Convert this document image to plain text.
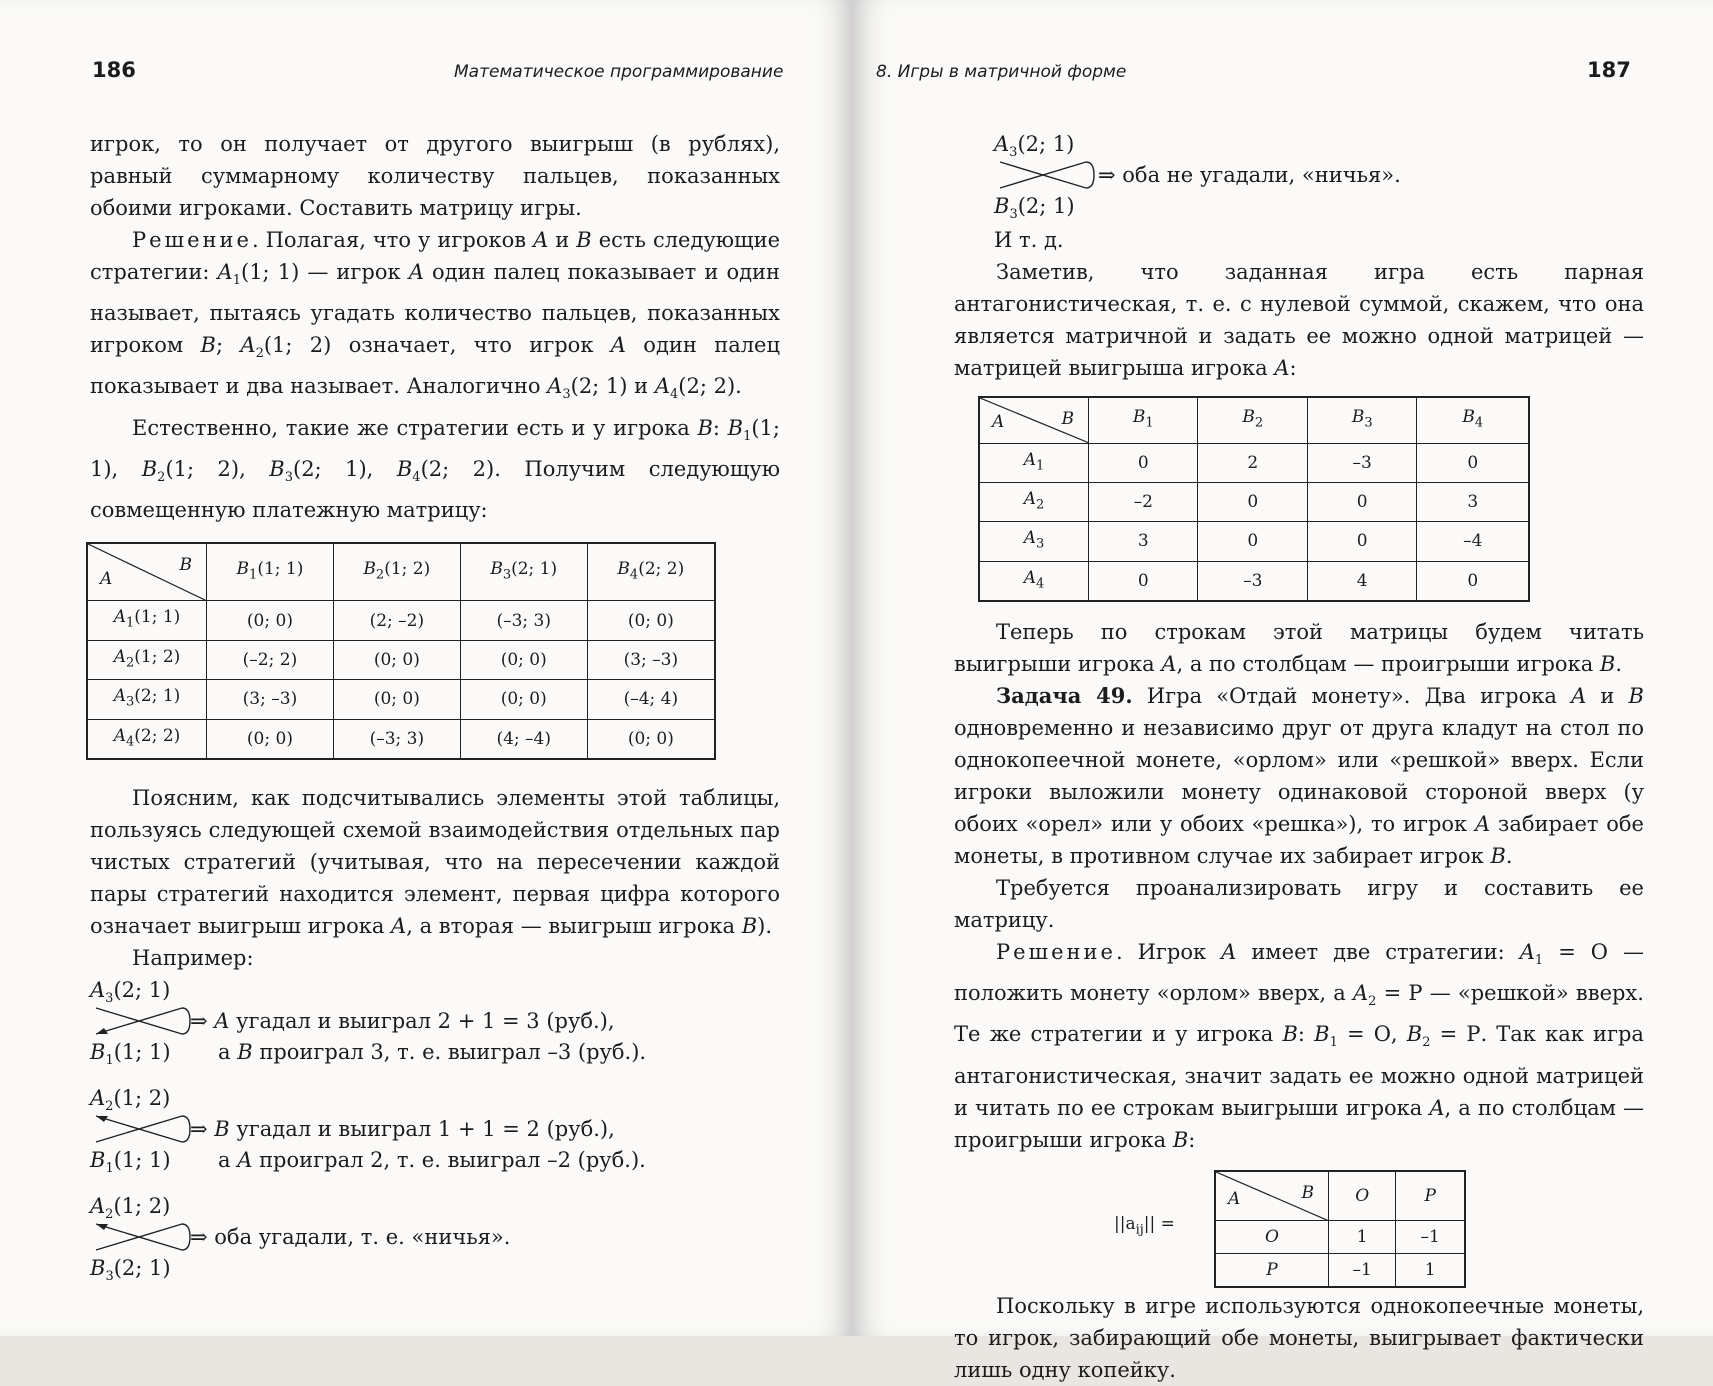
186	Математическое программирование

игрок, то он получает от другого выигрыш (в рублях), равный суммарному количеству пальцев, показанных обоими игроками. Составить матрицу игры.

Решение. Полагая, что у игроков A и B есть следующие стратегии: $A_1(1$; 1) — игрок A один палец показывает и один называет, пытаясь угадать количество пальцев, показанных игроком B; $A_2(1$; 2) означает, что игрок A один палец показывает и два называет. Аналогично $A_3(2$; 1) и $A_4(2$; 2).

Естественно, такие же стратегии есть и у игрока B: $B_1(1$; 1), $B_2(1$; 2), $B_3(2$; 1), $B_4(2$; 2). Получим следующую совмещенную платежную матрицу:

B
A	$B_1(1$; 1)	$B_2(1$; 2)	$B_3(2$; 1)	$B_4(2$; 2)
$A_1(1$; 1)	(0; 0)	(2; –2)	(–3; 3)	(0; 0)
$A_2(1$; 2)	(–2; 2)	(0; 0)	(0; 0)	(3; –3)
$A_3(2$; 1)	(3; –3)	(0; 0)	(0; 0)	(–4; 4)
$A_4(2$; 2)	(0; 0)	(–3; 3)	(4; –4)	(0; 0)

Поясним, как подсчитывались элементы этой таблицы, пользуясь следующей схемой взаимодействия отдельных пар чистых стратегий (учитывая, что на пересечении каждой пары стратегий находится элемент, первая цифра которого означает выигрыш игрока A, а вторая — выигрыш игрока B).

Например:

$A_3(2$; 1)
⇒ A угадал и выиграл 2 + 1 = 3 (руб.),
$B_1(1$; 1) а B проиграл 3, т. е. выиграл –3 (руб.).
$A_2(1$; 2)
⇒ B угадал и выиграл 1 + 1 = 2 (руб.),
$B_1(1$; 1) а A проиграл 2, т. е. выиграл –2 (руб.).
$A_2(1$; 2)
⇒ оба угадали, т. е. «ничья».
$B_3(2$; 1)
8. Игры в матричной форме	187
$A_3(2$; 1)
⇒ оба не угадали, «ничья».
$B_3(2$; 1)

И т. д.

Заметив, что заданная игра есть парная антагонистическая, т. е. с нулевой суммой, скажем, что она является матричной и задать ее можно одной матрицей — матрицей выигрыша игрока A:

B
A	$B_1$	$B_2$	$B_3$	$B_4$
$A_1$	0	2	–3	0
$A_2$	–2	0	0	3
$A_3$	3	0	0	–4
$A_4$	0	–3	4	0

Теперь по строкам этой матрицы будем читать выигрыши игрока A, а по столбцам — проигрыши игрока B.

Задача 49. Игра «Отдай монету». Два игрока A и B одновременно и независимо друг от друга кладут на стол по однокопеечной монете, «орлом» или «решкой» вверх. Если игроки выложили монету одинаковой стороной вверх (у обоих «орел» или у обоих «решка»), то игрок A забирает обе монеты, в противном случае их забирает игрок B.

Требуется проанализировать игру и составить ее матрицу.

Решение. Игрок A имеет две стратегии: $A_1 = О$ — положить монету «орлом» вверх, а $A_2 = Р$ — «решкой» вверх. Те же стратегии и у игрока B: $B_1 = О$, $B_2 = Р$. Так как игра антагонистическая, значит задать ее можно одной матрицей и читать по ее строкам выигрыши игрока A, а по столбцам — проигрыши игрока B:

$||a_{ij}||$ =
B
A	О	Р
О	1	–1
Р	–1	1

Поскольку в игре используются однокопеечные монеты, то игрок, забирающий обе монеты, выигрывает фактически лишь одну копейку.
